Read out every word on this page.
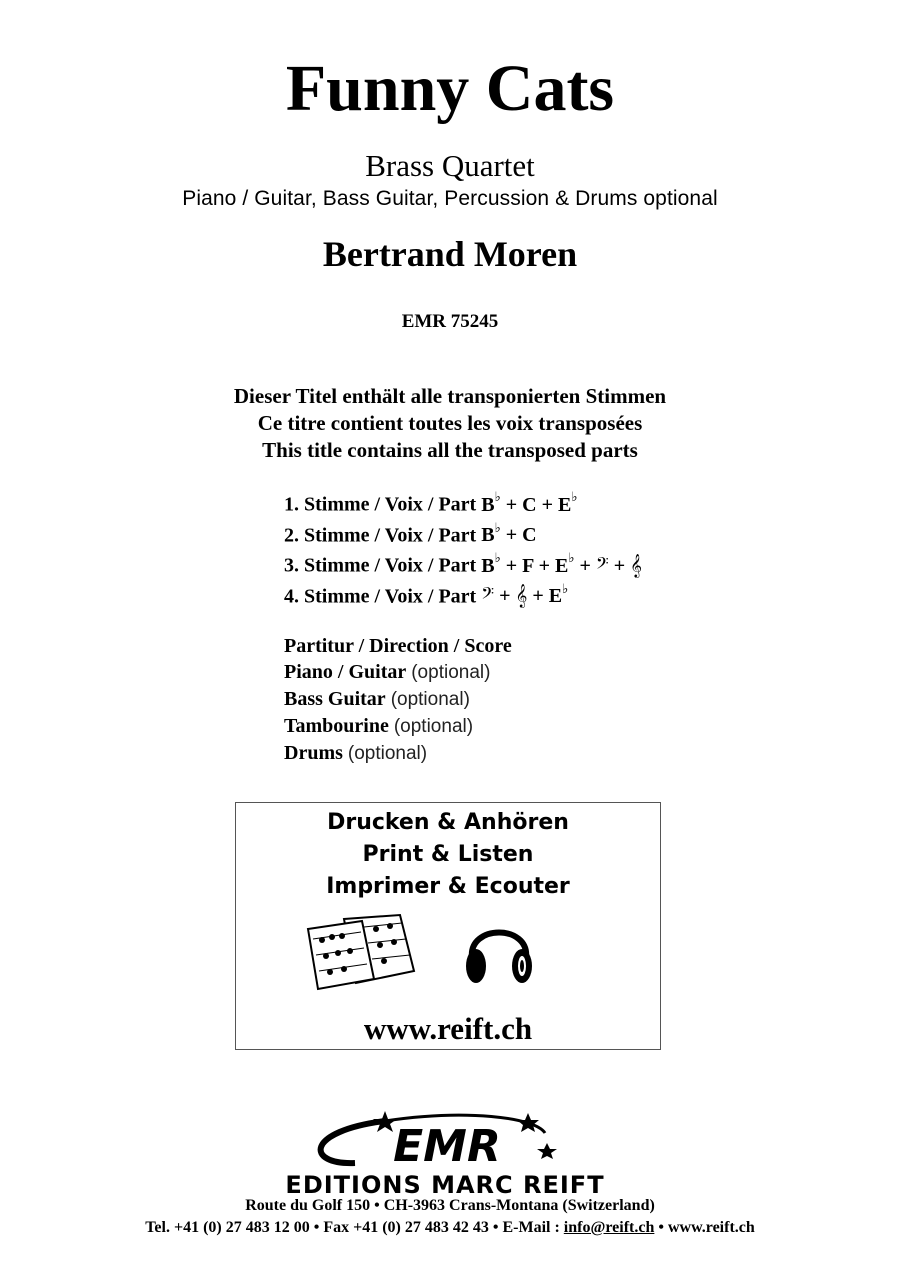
Funny Cats
Brass Quartet
Piano / Guitar, Bass Guitar, Percussion & Drums optional
Bertrand Moren
EMR 75245
Dieser Titel enthält alle transponierten Stimmen
Ce titre contient toutes les voix transposées
This title contains all the transposed parts
1. Stimme / Voix / Part B♭ + C + E♭
2. Stimme / Voix / Part B♭ + C
3. Stimme / Voix / Part B♭ + F + E♭ + 𝄢 + 𝄞
4. Stimme / Voix / Part 𝄢 + 𝄞 + E♭
Partitur / Direction / Score
Piano / Guitar (optional)
Bass Guitar (optional)
Tambourine (optional)
Drums (optional)
Drucken & Anhören
Print & Listen
Imprimer & Ecouter
www.reift.ch
EMR
EDITIONS MARC REIFT
Route du Golf 150 • CH-3963 Crans-Montana (Switzerland)
Tel. +41 (0) 27 483 12 00 • Fax +41 (0) 27 483 42 43 • E-Mail : info@reift.ch • www.reift.ch
